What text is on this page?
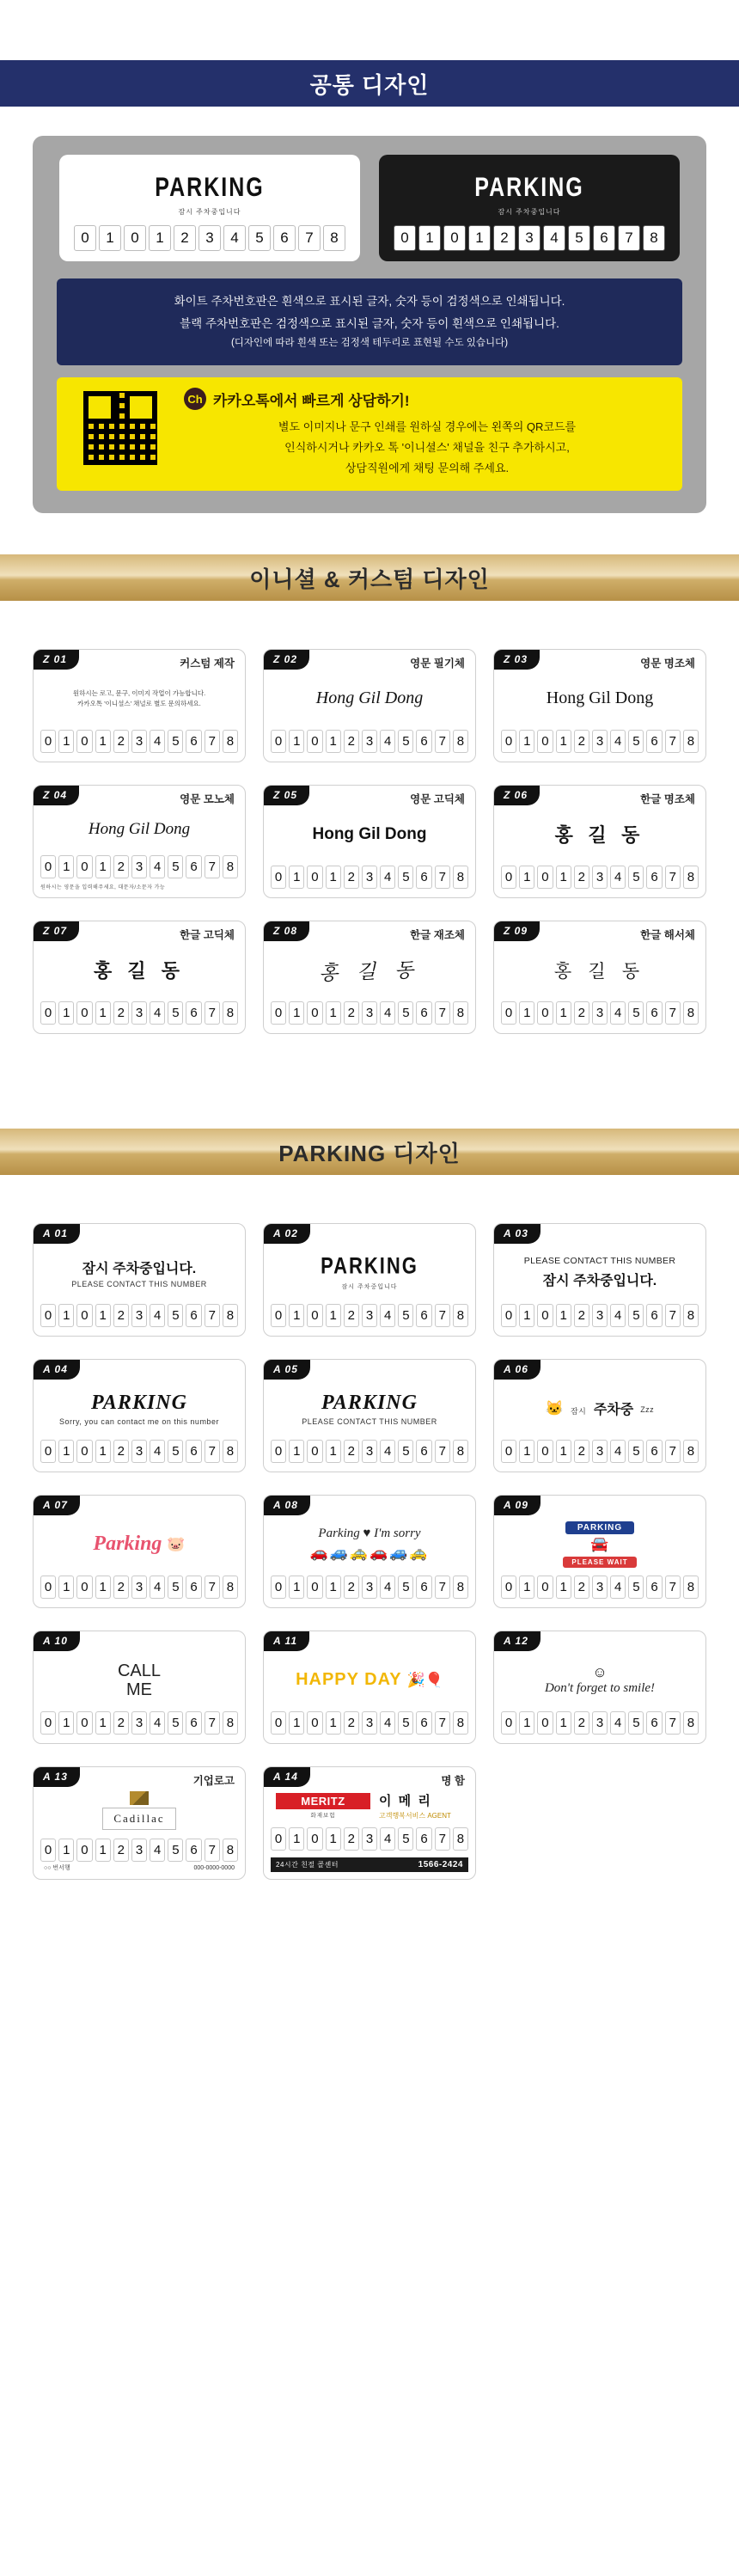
공통 디자인
PARKING
잠시 주차중입니다
0	1	0	1	2	3	4	5	6	7	8
PARKING
잠시 주차중입니다
0	1	0	1	2	3	4	5	6	7	8
화이트 주차번호판은 흰색으로 표시된 글자, 숫자 등이 검정색으로 인쇄됩니다.
블랙 주차번호판은 검정색으로 표시된 글자, 숫자 등이 흰색으로 인쇄됩니다.
(디자인에 따라 흰색 또는 검정색 테두리로 표현될 수도 있습니다)
Ch 카카오톡에서 빠르게 상담하기!
별도 이미지나 문구 인쇄를 원하실 경우에는 왼쪽의 QR코드를
인식하시거나 카카오 톡 '이니셜스' 채널을 친구 추가하시고,
상담직원에게 채팅 문의해 주세요.
이니셜 & 커스텀 디자인
Z 01	커스텀 제작
원하시는 로고, 문구, 이미지 작업이 가능합니다.
카카오톡 '이니셜스' 채널로 별도 문의하세요.
0 1 0 1 2 3 4 5 6 7 8
Z 02	영문 필기체
Hong Gil Dong
0 1 0 1 2 3 4 5 6 7 8
Z 03	영문 명조체
Hong Gil Dong
0 1 0 1 2 3 4 5 6 7 8
Z 04	영문 모노체
Hong Gil Dong
0 1 0 1 2 3 4 5 6 7 8
원하시는 영문을 입력해주세요, 대문자/소문자 가능
Z 05	영문 고딕체
Hong Gil Dong
0 1 0 1 2 3 4 5 6 7 8
Z 06	한글 명조체
홍 길 동
0 1 0 1 2 3 4 5 6 7 8
Z 07	한글 고딕체
홍 길 동
0 1 0 1 2 3 4 5 6 7 8
Z 08	한글 재조체
홍 길 동
0 1 0 1 2 3 4 5 6 7 8
Z 09	한글 해서체
홍 길 동
0 1 0 1 2 3 4 5 6 7 8
PARKING 디자인
A 01
잠시 주차중입니다.
PLEASE CONTACT THIS NUMBER
0 1 0 1 2 3 4 5 6 7 8
A 02
PARKING
잠시 주차중입니다
0 1 0 1 2 3 4 5 6 7 8
A 03
PLEASE CONTACT THIS NUMBER
잠시 주차중입니다.
0 1 0 1 2 3 4 5 6 7 8
A 04
PARKING
Sorry, you can contact me on this number
0 1 0 1 2 3 4 5 6 7 8
A 05
PARKING
PLEASE CONTACT THIS NUMBER
0 1 0 1 2 3 4 5 6 7 8
A 06
🐱 잠시 주차중 Zzz
0 1 0 1 2 3 4 5 6 7 8
A 07
Parking 🐷
0 1 0 1 2 3 4 5 6 7 8
A 08
Parking ♥ I'm sorry
🚗🚙🚕🚗🚙🚕
0 1 0 1 2 3 4 5 6 7 8
A 09
PARKING
🚘
PLEASE WAIT
0 1 0 1 2 3 4 5 6 7 8
A 10
CALL
ME
0 1 0 1 2 3 4 5 6 7 8
A 11
HAPPY DAY 🎉🎈
0 1 0 1 2 3 4 5 6 7 8
A 12
☺
Don't forget to smile!
0 1 0 1 2 3 4 5 6 7 8
A 13	기업로고
Cadillac
0 1 0 1 2 3 4 5 6 7 8
○○ 번서행	000-0000-0000
A 14	명 함
MERITZ
화재보험
이 메 리
고객행복서비스 AGENT
0 1 0 1 2 3 4 5 6 7 8
24시간 친절 콜센터	1566-2424
